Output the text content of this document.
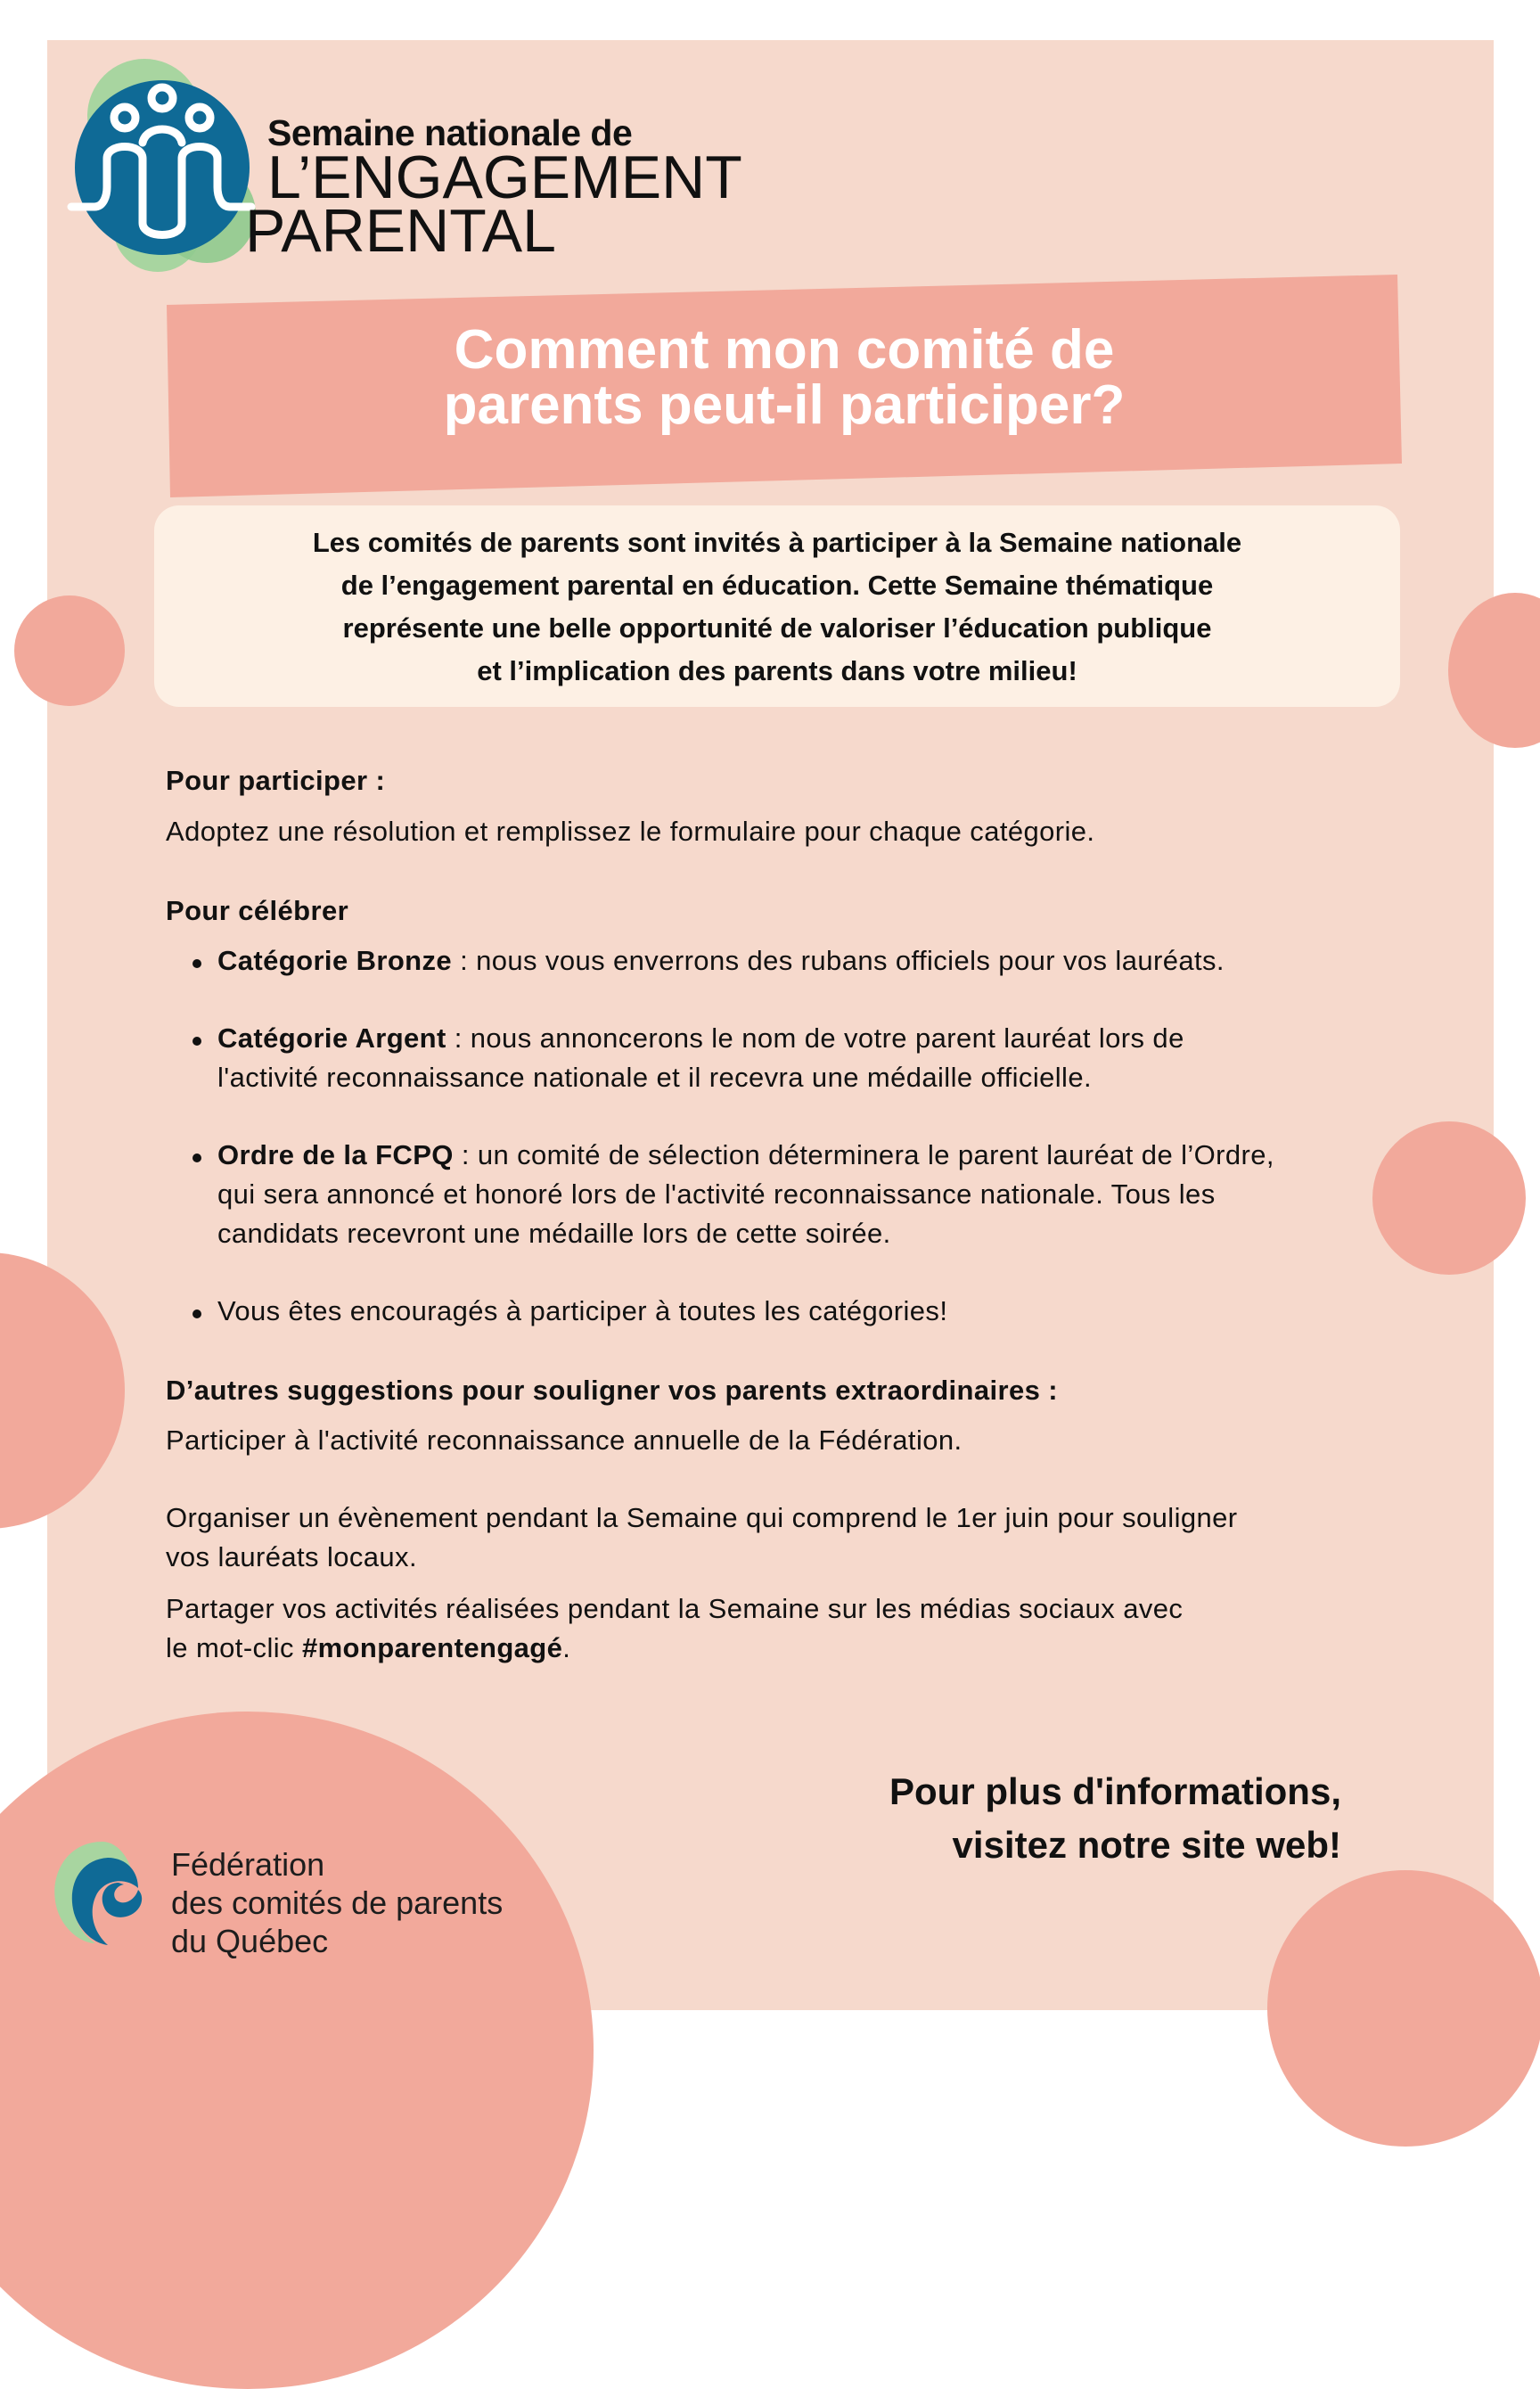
Semaine nationale de
L’ENGAGEMENT
PARENTAL
Comment mon comité de
parents peut-il participer?
Les comités de parents sont invités à participer à la Semaine nationale
de l’engagement parental en éducation. Cette Semaine thématique
représente une belle opportunité de valoriser l’éducation publique
et l’implication des parents dans votre milieu!
Pour participer :
Adoptez une résolution et remplissez le formulaire pour chaque catégorie.
Pour célébrer
Catégorie Bronze : nous vous enverrons des rubans officiels pour vos lauréats.
Catégorie Argent : nous annoncerons le nom de votre parent lauréat lors de
l'activité reconnaissance nationale et il recevra une médaille officielle.
Ordre de la FCPQ : un comité de sélection déterminera le parent lauréat de l’Ordre,
qui sera annoncé et honoré lors de l'activité reconnaissance nationale. Tous les
candidats recevront une médaille lors de cette soirée.
Vous êtes encouragés à participer à toutes les catégories!
D’autres suggestions pour souligner vos parents extraordinaires :
Participer à l'activité reconnaissance annuelle de la Fédération.
Organiser un évènement pendant la Semaine qui comprend le 1er juin pour souligner
vos lauréats locaux.
Partager vos activités réalisées pendant la Semaine sur les médias sociaux avec
le mot-clic #monparentengagé.
Pour plus d'informations,
visitez notre site web!
Fédération
des comités de parents
du Québec
